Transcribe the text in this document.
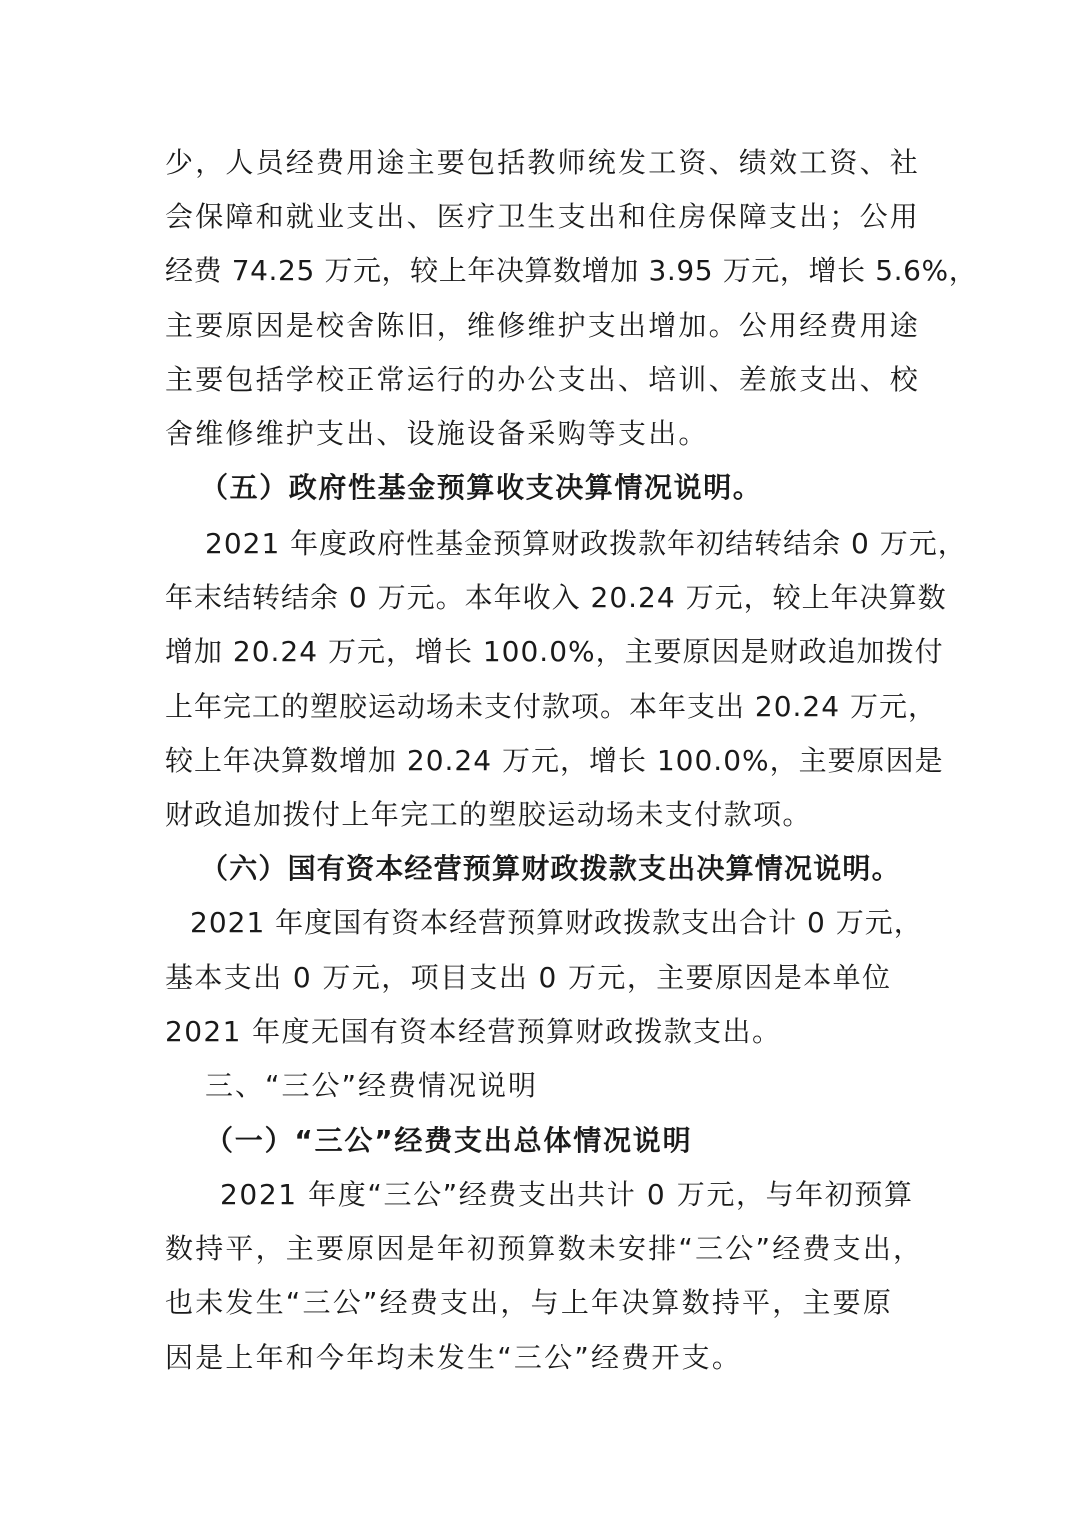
少，人员经费用途主要包括教师统发工资、绩效工资、社
会保障和就业支出、医疗卫生支出和住房保障支出；公用
经费 74.25 万元，较上年决算数增加 3.95 万元，增长 5.6%，
主要原因是校舍陈旧，维修维护支出增加。公用经费用途
主要包括学校正常运行的办公支出、培训、差旅支出、校
舍维修维护支出、设施设备采购等支出。
（五）政府性基金预算收支决算情况说明。
2021 年度政府性基金预算财政拨款年初结转结余 0 万元，
年末结转结余 0 万元。本年收入 20.24 万元，较上年决算数
增加 20.24 万元，增长 100.0%，主要原因是财政追加拨付
上年完工的塑胶运动场未支付款项。本年支出 20.24 万元，
较上年决算数增加 20.24 万元，增长 100.0%，主要原因是
财政追加拨付上年完工的塑胶运动场未支付款项。
（六）国有资本经营预算财政拨款支出决算情况说明。
2021 年度国有资本经营预算财政拨款支出合计 0 万元，
基本支出 0 万元，项目支出 0 万元，主要原因是本单位
2021 年度无国有资本经营预算财政拨款支出。
三、“三公”经费情况说明
（一）“三公”经费支出总体情况说明
2021 年度“三公”经费支出共计 0 万元，与年初预算
数持平，主要原因是年初预算数未安排“三公”经费支出，
也未发生“三公”经费支出，与上年决算数持平，主要原
因是上年和今年均未发生“三公”经费开支。
